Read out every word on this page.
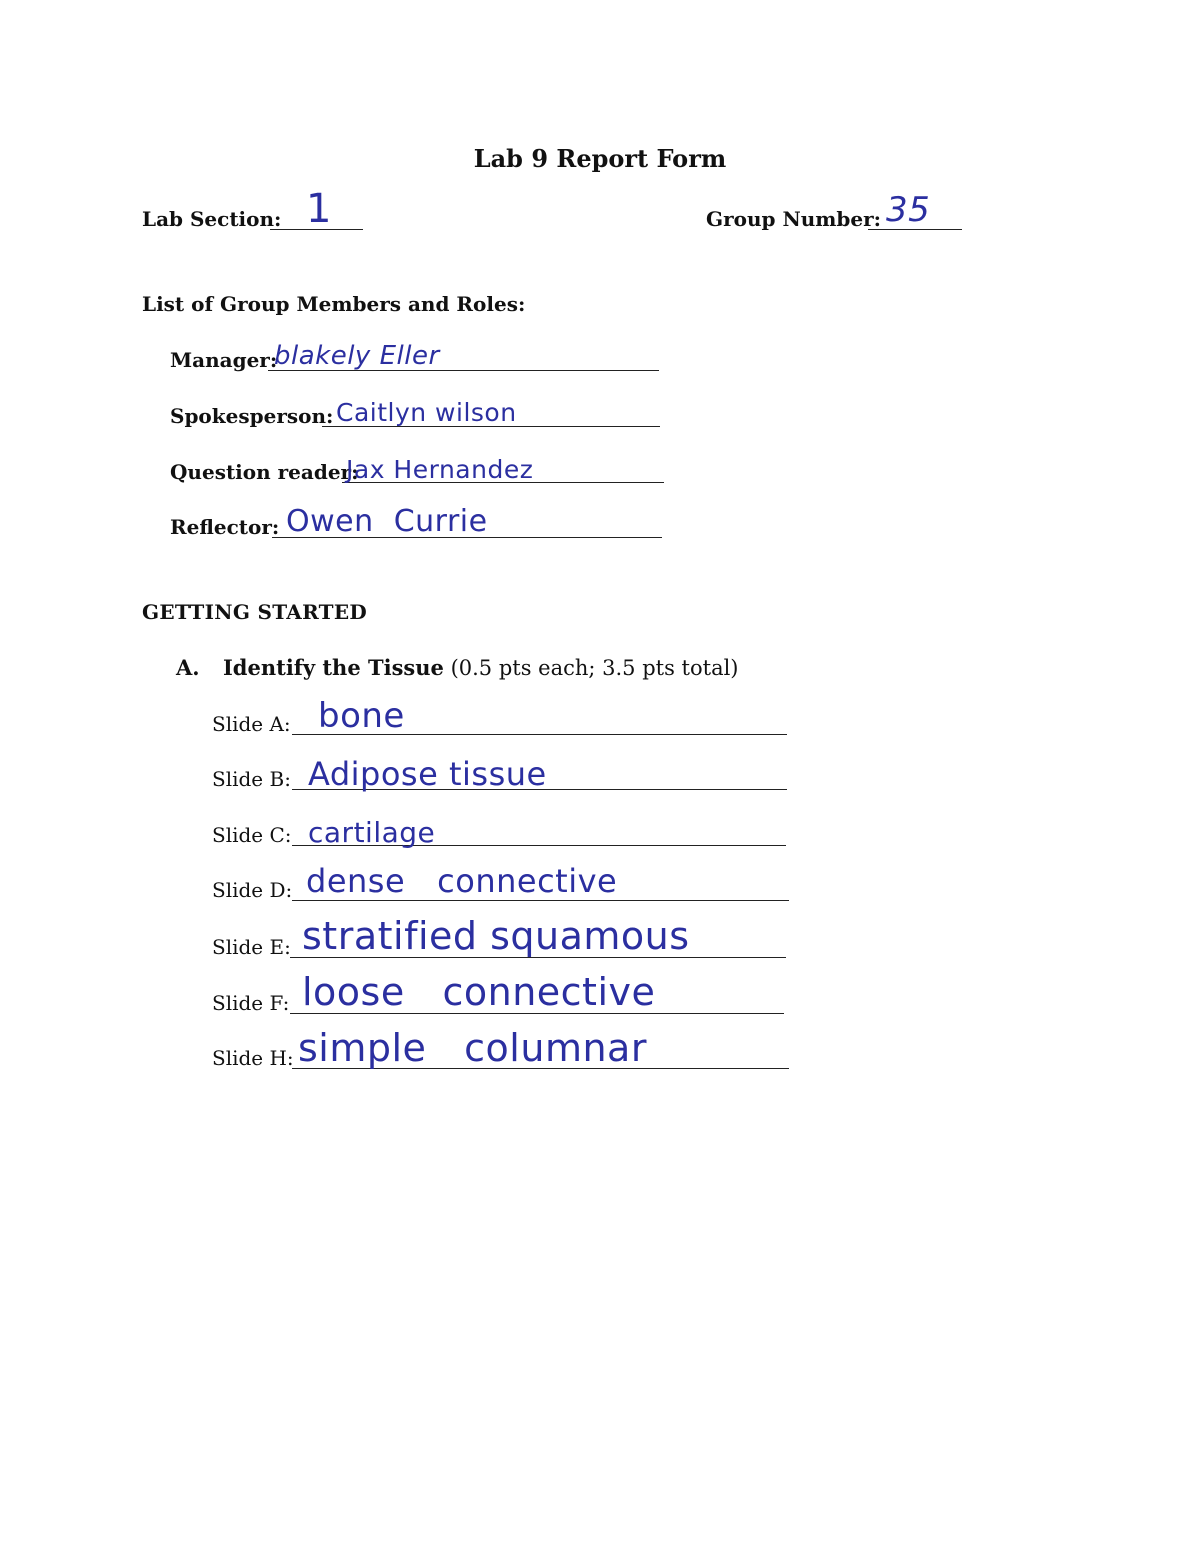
Lab 9 Report Form
Lab Section: 1	Group Number: 35
List of Group Members and Roles:
Manager:
blakely Eller
Spokesperson: Caitlyn wilson
Question reader:
Jax Hernandez
Reflector: Owen  Currie
GETTING STARTED
A. Identify the Tissue (0.5 pts each; 3.5 pts total)
Slide A: bone
Slide B: Adipose tissue
Slide C: cartilage
Slide D: dense   connective
Slide E: stratified squamous
Slide F: loose   connective
Slide H: simple   columnar
